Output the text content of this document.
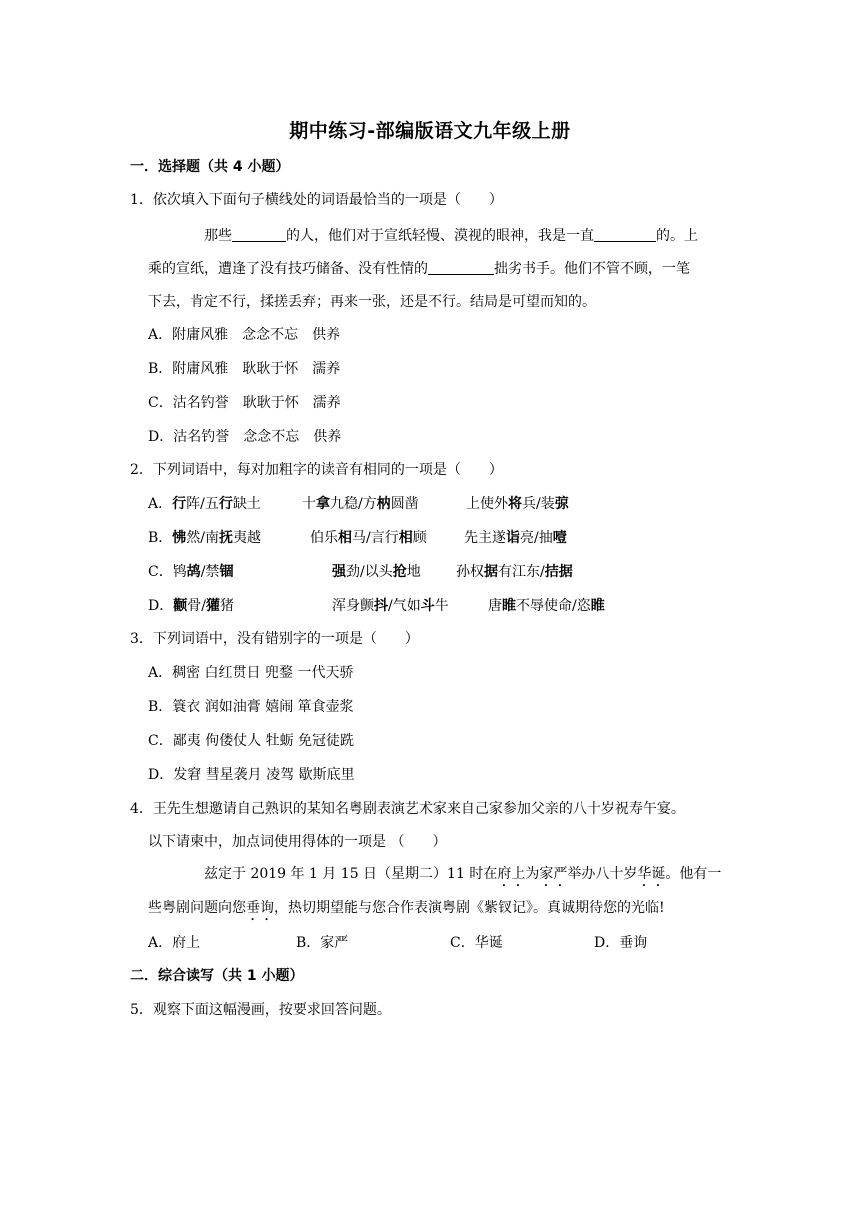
期中练习-部编版语文九年级上册
一．选择题（共 4 小题）
1．依次填入下面句子横线处的词语最恰当的一项是（　　）
那些	的人，他们对于宣纸轻慢、漠视的眼神，我是一直	的。上
乘的宣纸，遭逢了没有技巧储备、没有性情的	拙劣书手。他们不管不顾，一笔
下去，肯定不行，揉搓丢弃；再来一张，还是不行。结局是可望而知的。
A．附庸风雅　念念不忘　供养
B．附庸风雅　耿耿于怀　濡养
C．沽名钓誉　耿耿于怀　濡养
D．沽名钓誉　念念不忘　供养
2．下列词语中，每对加粗字的读音有相同的一项是（　　）
A．行阵/五行缺土	十拿九稳/方枘圆凿	上使外将兵/装弶
B．怫然/南抚夷越	伯乐相马/言行相顾	先主遂诣亮/抽噎
C．鸨鸪/禁锢	强劲/以头抢地	孙权据有江东/拮据
D．颧骨/獾猪	浑身颤抖/气如斗牛	唐睢不辱使命/恣睢
3．下列词语中，没有错别字的一项是（　　）
A．稠密 白红贯日 兜鍪 一代天骄
B．簑衣 润如油膏 嬉闹 箪食壶浆
C．鄙夷 佝偻仗人 牡蛎 免冠徒跣
D．发窘 彗星袭月 凌驾 歇斯底里
4．王先生想邀请自己熟识的某知名粤剧表演艺术家来自己家参加父亲的八十岁祝寿午宴。
以下请柬中，加点词使用得体的一项是 （　　）
兹定于 2019 年 1 月 15 日（星期二）11 时在府上为家严举办八十岁华诞。他有一
些粤剧问题向您垂询，热切期望能与您合作表演粤剧《紫钗记》。真诚期待您的光临!
A．府上	B．家严	C．华诞	D．垂询
二．综合读写（共 1 小题）
5．观察下面这幅漫画，按要求回答问题。
